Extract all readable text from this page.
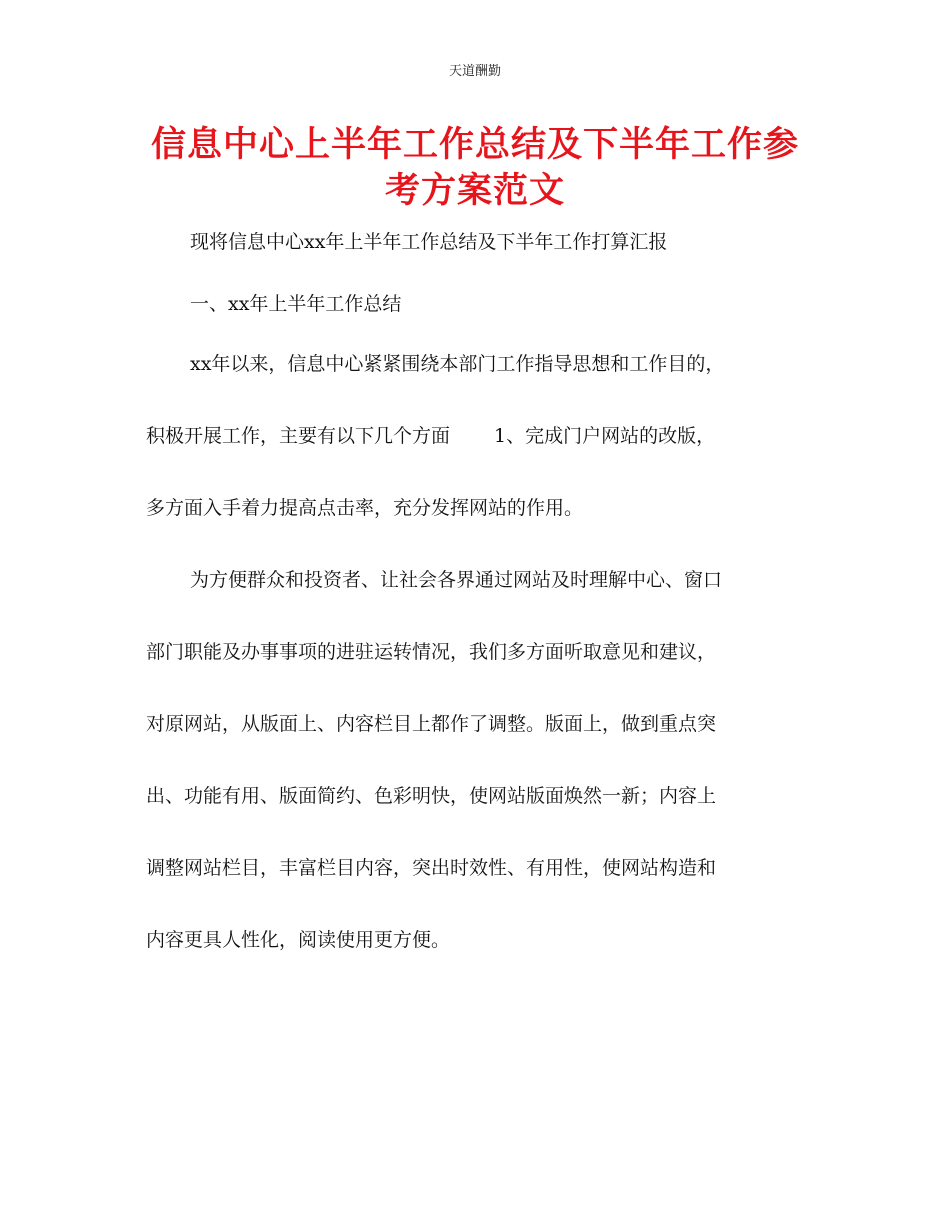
天道酬勤
信息中心上半年工作总结及下半年工作参
考方案范文
现将信息中心xx年上半年工作总结及下半年工作打算汇报
一、xx年上半年工作总结
xx年以来，信息中心紧紧围绕本部门工作指导思想和工作目的，
积极开展工作，主要有以下几个方面 1、完成门户网站的改版，
多方面入手着力提高点击率，充分发挥网站的作用。
为方便群众和投资者、让社会各界通过网站及时理解中心、窗口
部门职能及办事事项的进驻运转情况，我们多方面听取意见和建议，
对原网站，从版面上、内容栏目上都作了调整。版面上，做到重点突
出、功能有用、版面简约、色彩明快，使网站版面焕然一新；内容上
调整网站栏目，丰富栏目内容，突出时效性、有用性，使网站构造和
内容更具人性化，阅读使用更方便。
